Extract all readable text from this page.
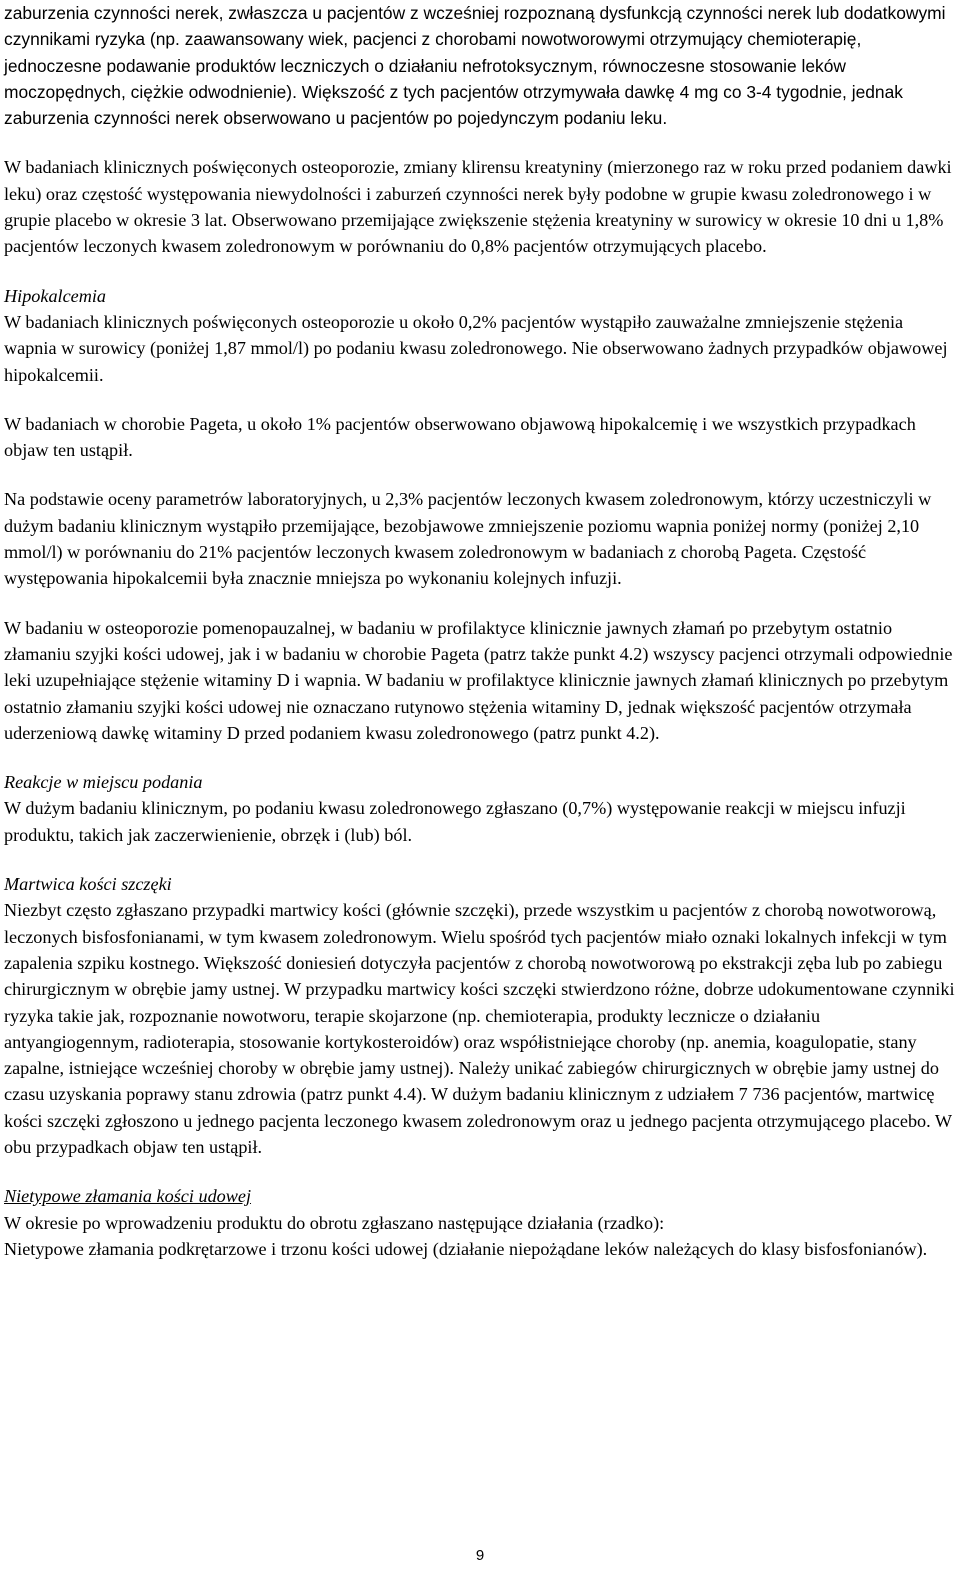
zaburzenia czynności nerek, zwłaszcza u pacjentów z wcześniej rozpoznaną dysfunkcją czynności nerek lub dodatkowymi czynnikami ryzyka (np. zaawansowany wiek, pacjenci z chorobami nowotworowymi otrzymujący chemioterapię, jednoczesne podawanie produktów leczniczych o działaniu nefrotoksycznym, równoczesne stosowanie leków moczopędnych, ciężkie odwodnienie). Większość z tych pacjentów otrzymywała dawkę 4 mg co 3-4 tygodnie, jednak zaburzenia czynności nerek obserwowano u pacjentów po pojedynczym podaniu leku.

W badaniach klinicznych poświęconych osteoporozie, zmiany klirensu kreatyniny (mierzonego raz w roku przed podaniem dawki leku) oraz częstość występowania niewydolności i zaburzeń czynności nerek były podobne w grupie kwasu zoledronowego i w grupie placebo w okresie 3 lat. Obserwowano przemijające zwiększenie stężenia kreatyniny w surowicy w okresie 10 dni u 1,8% pacjentów leczonych kwasem zoledronowym w porównaniu do 0,8% pacjentów otrzymujących placebo.

Hipokalcemia

W badaniach klinicznych poświęconych osteoporozie u około 0,2% pacjentów wystąpiło zauważalne zmniejszenie stężenia wapnia w surowicy (poniżej 1,87 mmol/l) po podaniu kwasu zoledronowego. Nie obserwowano żadnych przypadków objawowej hipokalcemii.

W badaniach w chorobie Pageta, u około 1% pacjentów obserwowano objawową hipokalcemię i we wszystkich przypadkach objaw ten ustąpił.

Na podstawie oceny parametrów laboratoryjnych, u 2,3% pacjentów leczonych kwasem zoledronowym, którzy uczestniczyli w dużym badaniu klinicznym wystąpiło przemijające, bezobjawowe zmniejszenie poziomu wapnia poniżej normy (poniżej 2,10 mmol/l) w porównaniu do 21% pacjentów leczonych kwasem zoledronowym w badaniach z chorobą Pageta. Częstość występowania hipokalcemii była znacznie mniejsza po wykonaniu kolejnych infuzji.

W badaniu w osteoporozie pomenopauzalnej, w badaniu w profilaktyce klinicznie jawnych złamań po przebytym ostatnio złamaniu szyjki kości udowej, jak i w badaniu w chorobie Pageta (patrz także punkt 4.2) wszyscy pacjenci otrzymali odpowiednie leki uzupełniające stężenie witaminy D i wapnia. W badaniu w profilaktyce klinicznie jawnych złamań klinicznych po przebytym ostatnio złamaniu szyjki kości udowej nie oznaczano rutynowo stężenia witaminy D, jednak większość pacjentów otrzymała uderzeniową dawkę witaminy D przed podaniem kwasu zoledronowego (patrz punkt 4.2).

Reakcje w miejscu podania

W dużym badaniu klinicznym, po podaniu kwasu zoledronowego zgłaszano (0,7%) występowanie reakcji w miejscu infuzji produktu, takich jak zaczerwienienie, obrzęk i (lub) ból.

Martwica kości szczęki

Niezbyt często zgłaszano przypadki martwicy kości (głównie szczęki), przede wszystkim u pacjentów z chorobą nowotworową, leczonych bisfosfonianami, w tym kwasem zoledronowym. Wielu spośród tych pacjentów miało oznaki lokalnych infekcji w tym zapalenia szpiku kostnego. Większość doniesień dotyczyła pacjentów z chorobą nowotworową po ekstrakcji zęba lub po zabiegu chirurgicznym w obrębie jamy ustnej. W przypadku martwicy kości szczęki stwierdzono różne, dobrze udokumentowane czynniki ryzyka takie jak, rozpoznanie nowotworu, terapie skojarzone (np. chemioterapia, produkty lecznicze o działaniu antyangiogennym, radioterapia, stosowanie kortykosteroidów) oraz współistniejące choroby (np. anemia, koagulopatie, stany zapalne, istniejące wcześniej choroby w obrębie jamy ustnej). Należy unikać zabiegów chirurgicznych w obrębie jamy ustnej do czasu uzyskania poprawy stanu zdrowia (patrz punkt 4.4). W dużym badaniu klinicznym z udziałem 7 736 pacjentów, martwicę kości szczęki zgłoszono u jednego pacjenta leczonego kwasem zoledronowym oraz u jednego pacjenta otrzymującego placebo. W obu przypadkach objaw ten ustąpił.

Nietypowe złamania kości udowej

W okresie po wprowadzeniu produktu do obrotu zgłaszano następujące działania (rzadko):

Nietypowe złamania podkrętarzowe i trzonu kości udowej (działanie niepożądane leków należących do klasy bisfosfonianów).

9
